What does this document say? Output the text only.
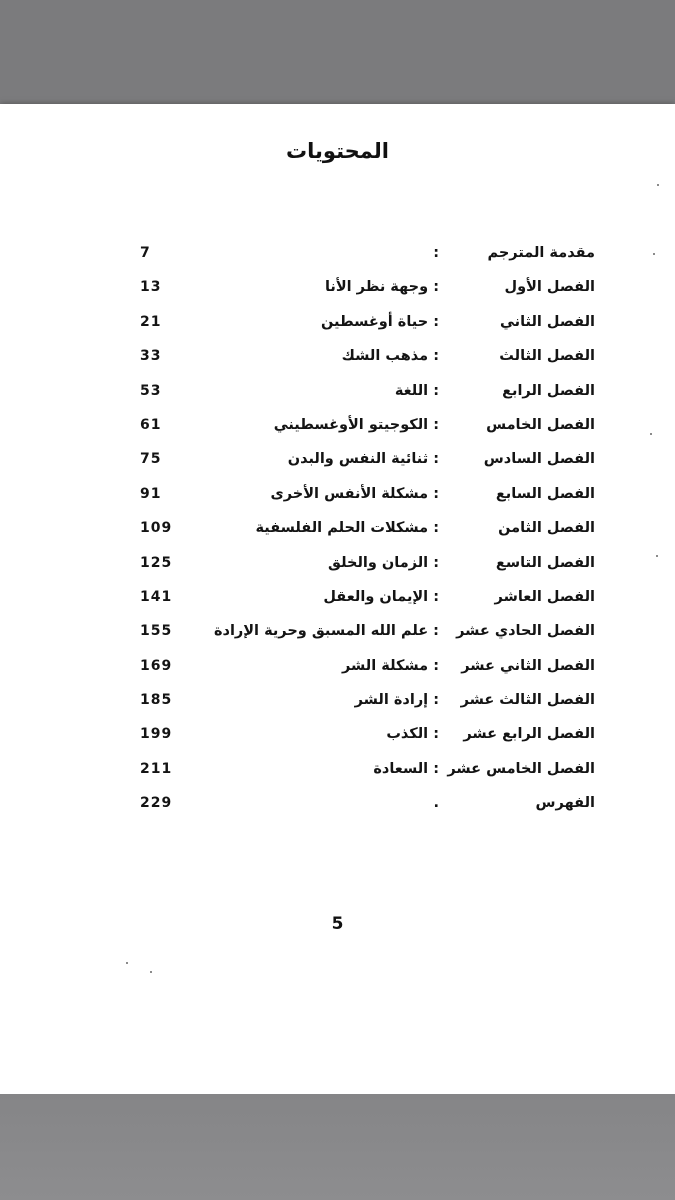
المحتويات
مقدمة المترجم
:
7
الفصل الأول
: وجهة نظر الأنا
13
الفصل الثاني
: حياة أوغسطين
21
الفصل الثالث
: مذهب الشك
33
الفصل الرابع
: اللغة
53
الفصل الخامس
: الكوجيتو الأوغسطيني
61
الفصل السادس
: ثنائية النفس والبدن
75
الفصل السابع
: مشكلة الأنفس الأخرى
91
الفصل الثامن
: مشكلات الحلم الفلسفية
109
الفصل التاسع
: الزمان والخلق
125
الفصل العاشر
: الإيمان والعقل
141
الفصل الحادي عشر
: علم الله المسبق وحرية الإرادة
155
الفصل الثاني عشر
: مشكلة الشر
169
الفصل الثالث عشر
: إرادة الشر
185
الفصل الرابع عشر
: الكذب
199
الفصل الخامس عشر
: السعادة
211
الفهرس
.
229
5
